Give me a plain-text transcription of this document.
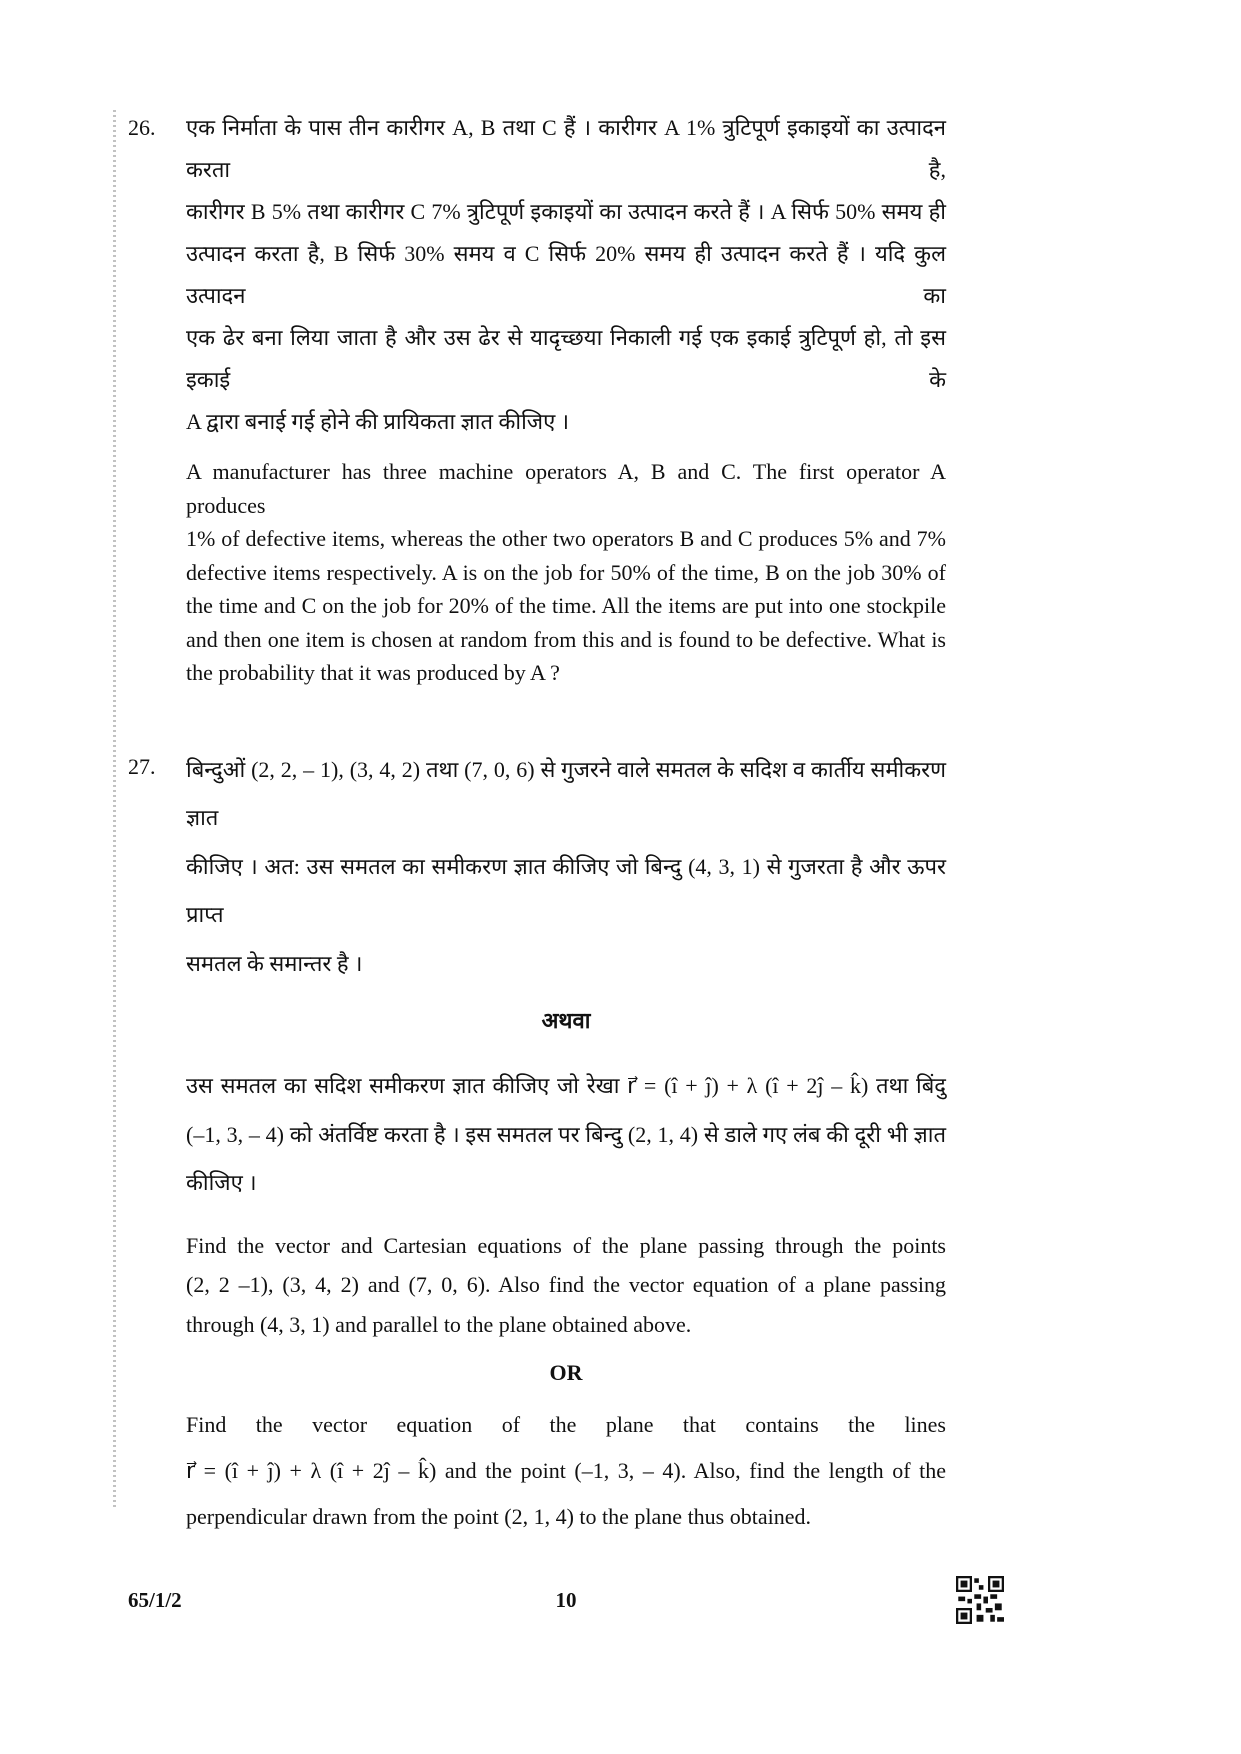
26.	एक निर्माता के पास तीन कारीगर A, B तथा C हैं । कारीगर A 1% त्रुटिपूर्ण इकाइयों का उत्पादन करता है,
कारीगर B 5% तथा कारीगर C 7% त्रुटिपूर्ण इकाइयों का उत्पादन करते हैं । A सिर्फ 50% समय ही
उत्पादन करता है, B सिर्फ 30% समय व C सिर्फ 20% समय ही उत्पादन करते हैं । यदि कुल उत्पादन का
एक ढेर बना लिया जाता है और उस ढेर से यादृच्छया निकाली गई एक इकाई त्रुटिपूर्ण हो, तो इस इकाई के
A द्वारा बनाई गई होने की प्रायिकता ज्ञात कीजिए ।
A manufacturer has three machine operators A, B and C. The first operator A produces
1% of defective items, whereas the other two operators B and C produces 5% and 7%
defective items respectively. A is on the job for 50% of the time, B on the job 30% of
the time and C on the job for 20% of the time. All the items are put into one stockpile
and then one item is chosen at random from this and is found to be defective. What is
the probability that it was produced by A ?
27.	बिन्दुओं (2, 2, – 1), (3, 4, 2) तथा (7, 0, 6) से गुजरने वाले समतल के सदिश व कार्तीय समीकरण ज्ञात
कीजिए । अत: उस समतल का समीकरण ज्ञात कीजिए जो बिन्दु (4, 3, 1) से गुजरता है और ऊपर प्राप्त
समतल के समान्तर है ।
अथवा
उस समतल का सदिश समीकरण ज्ञात कीजिए जो रेखा r⃗ = (î + ĵ) + λ (î + 2ĵ – k̂) तथा बिंदु
(–1, 3, – 4) को अंतर्विष्ट करता है । इस समतल पर बिन्दु (2, 1, 4) से डाले गए लंब की दूरी भी ज्ञात
कीजिए ।
Find the vector and Cartesian equations of the plane passing through the points
(2, 2 –1), (3, 4, 2) and (7, 0, 6). Also find the vector equation of a plane passing
through (4, 3, 1) and parallel to the plane obtained above.
OR
Find the vector equation of the plane that contains the lines
r⃗ = (î + ĵ) + λ (î + 2ĵ – k̂) and the point (–1, 3, – 4). Also, find the length of the
perpendicular drawn from the point (2, 1, 4) to the plane thus obtained.
65/1/2	10
